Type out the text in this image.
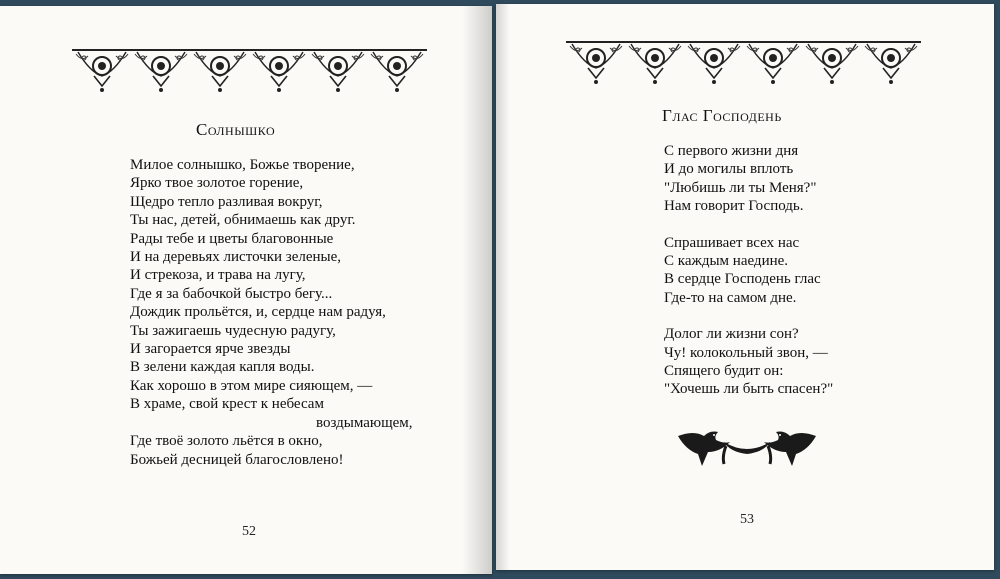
Солнышко
Милое солнышко, Божье творение,
Ярко твое золотое горение,
Щедро тепло разливая вокруг,
Ты нас, детей, обнимаешь как друг.
Рады тебе и цветы благовонные
И на деревьях листочки зеленые,
И стрекоза, и трава на лугу,
Где я за бабочкой быстро бегу...
Дождик прольётся, и, сердце нам радуя,
Ты зажигаешь чудесную радугу,
И загорается ярче звезды
В зелени каждая капля воды.
Как хорошо в этом мире сияющем, —
В храме, свой крест к небесам
воздымающем,
Где твоё золото льётся в окно,
Божьей десницей благословлено!
52
Глас Господень
С первого жизни дня
И до могилы вплоть
"Любишь ли ты Меня?"
Нам говорит Господь.
Спрашивает всех нас
С каждым наедине.
В сердце Господень глас
Где-то на самом дне.
Долог ли жизни сон?
Чу! колокольный звон, —
Спящего будит он:
"Хочешь ли быть спасен?"
53
